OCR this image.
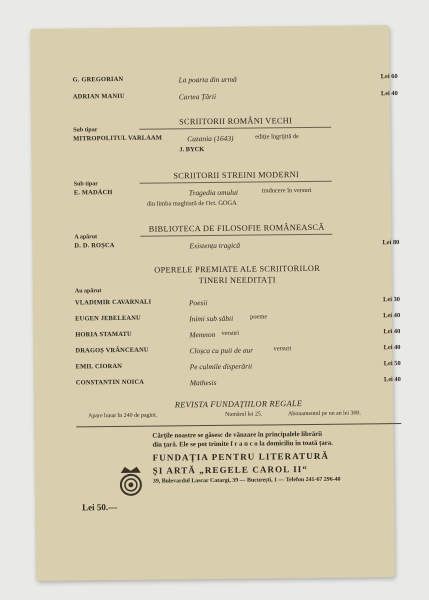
G. GREGORIAN	La poarta din urmă	Lei 60
ADRIAN MANIU	Cartea Țării	Lei 40
SCRIITORII ROMÂNI VECHI
Sub tipar
MITROPOLITUL VARLAAM	Cazania (1643)	ediție îngrijită de
J. BYCK
SCRIITORII STREINI MODERNI
Sub tipar
E. MADÁCH	Tragedia omului	traducere în versuri
din limba maghiară de Oct. GOGA
BIBLIOTECA DE FILOSOFIE ROMÂNEASCĂ
A apărut
D. D. ROȘCA	Existența tragică	Lei 80
OPERELE PREMIATE ALE SCRIITORILOR
TINERI NEEDITAȚI
Au apărut
VLADIMIR CAVARNALI	Poesii	Lei 30
EUGEN JEBELEANU	Inimi sub săbii	poeme	Lei 40
HORIA STAMATU	Memnon versuri	Lei 40
DRAGOȘ VRÂNCEANU	Cloșca cu puii de aur	versuri	Lei 40
EMIL CIORAN	Pe culmile disperării	Lei 50
CONSTANTIN NOICA	Mathesis	Lei 40
REVISTA FUNDAȚIILOR REGALE
Apare lunar în 240 de pagini.	Numărul lei 25.	Abonamentul pe un an lei 300.
Cărțile noastre se găsesc de vânzare în principalele librării
din țară. Ele se pot trimite f r a n c o la domiciliu în toată țara.
FUNDAȚIA PENTRU LITERATURĂ
ȘI ARTĂ „REGELE CAROL II“
39, Bulevardul Lascar Catargi, 39 — București, 1 — Telefon 241-67 296-40
Lei 50.—
